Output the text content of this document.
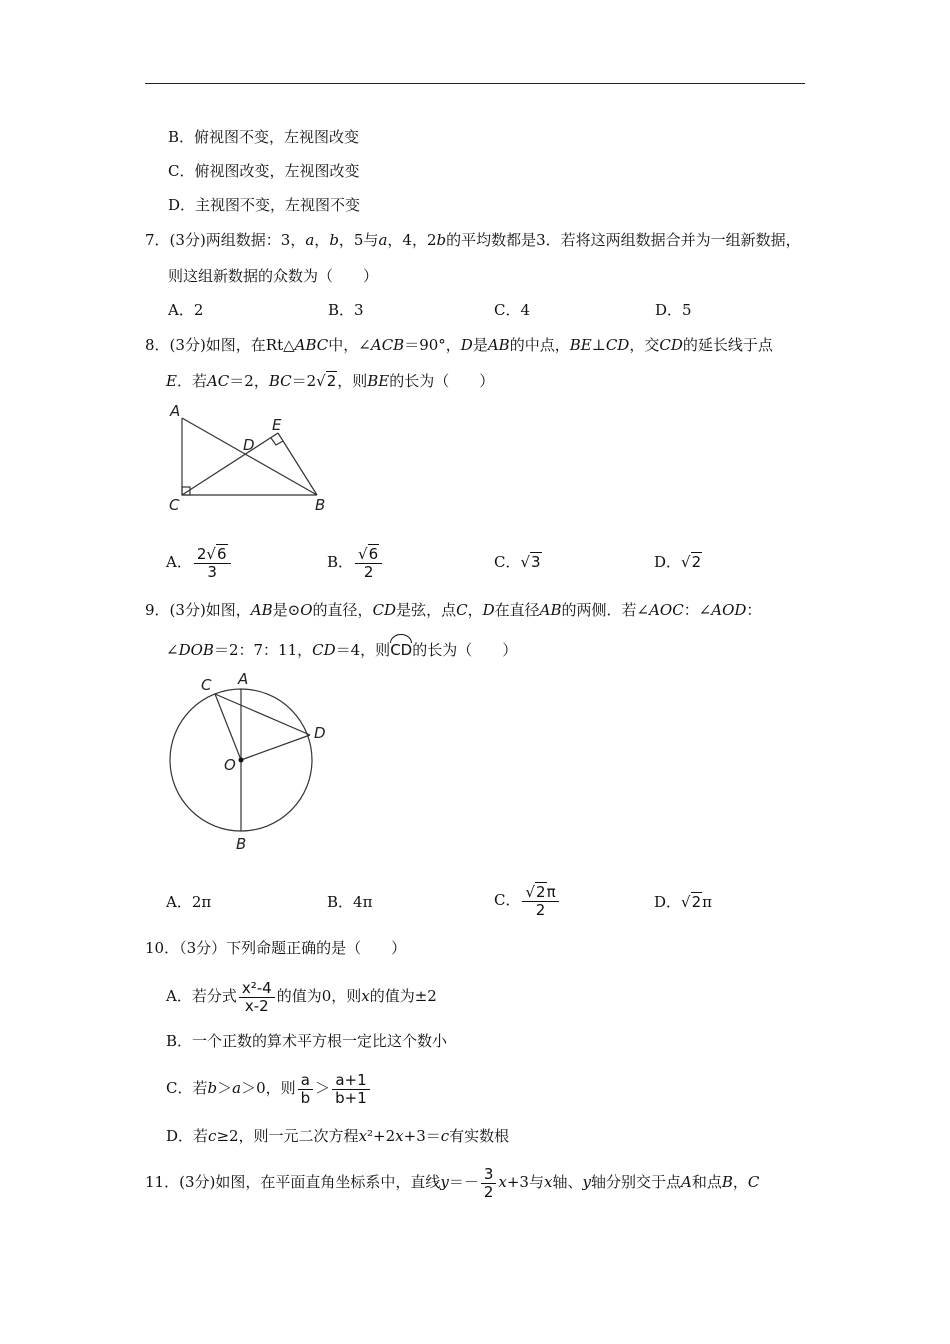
B．俯视图不变，左视图改变
C．俯视图改变，左视图改变
D．主视图不变，左视图不变
7．(3分)两组数据：3，a，b，5与a，4，2b的平均数都是3．若将这两组数据合并为一组新数据，
则这组新数据的众数为（　　）
A．2	B．3	C．4	D．5
8．(3分)如图，在Rt△ABC中，∠ACB＝90°，D是AB的中点，BE⊥CD，交CD的延长线于点
E．若AC＝2，BC＝2√2，则BE的长为（　　）
A
C	B
D
E
A． $\frac{2√6}{3}$	B． $\frac{√6}{2}$	C．√3	D．√2
9．(3分)如图，AB是⊙O的直径，CD是弦，点C，D在直径AB的两侧．若∠AOC：∠AOD：
∠DOB＝2：7：11，CD＝4，则CD的长为（　　）
A
C
D
O
B
A．2π	B．4π	C． $\frac{√2\pi}{2}$	D．√2π
10．（3分）下列命题正确的是（　　）
A．若分式 $\frac{\text{x²-4}}{x-2}$ 的值为0，则x的值为±2
B．一个正数的算术平方根一定比这个数小
C．若b＞a＞0，则 $\frac{a}{b} > \frac{a+1}{b+1}$
D．若c≥2，则一元二次方程x²+2x+3＝c有实数根
11．(3分)如图，在平面直角坐标系中，直线$y=- \frac{3}{2} x+3$与x轴、y轴分别交于点A和点B，C
